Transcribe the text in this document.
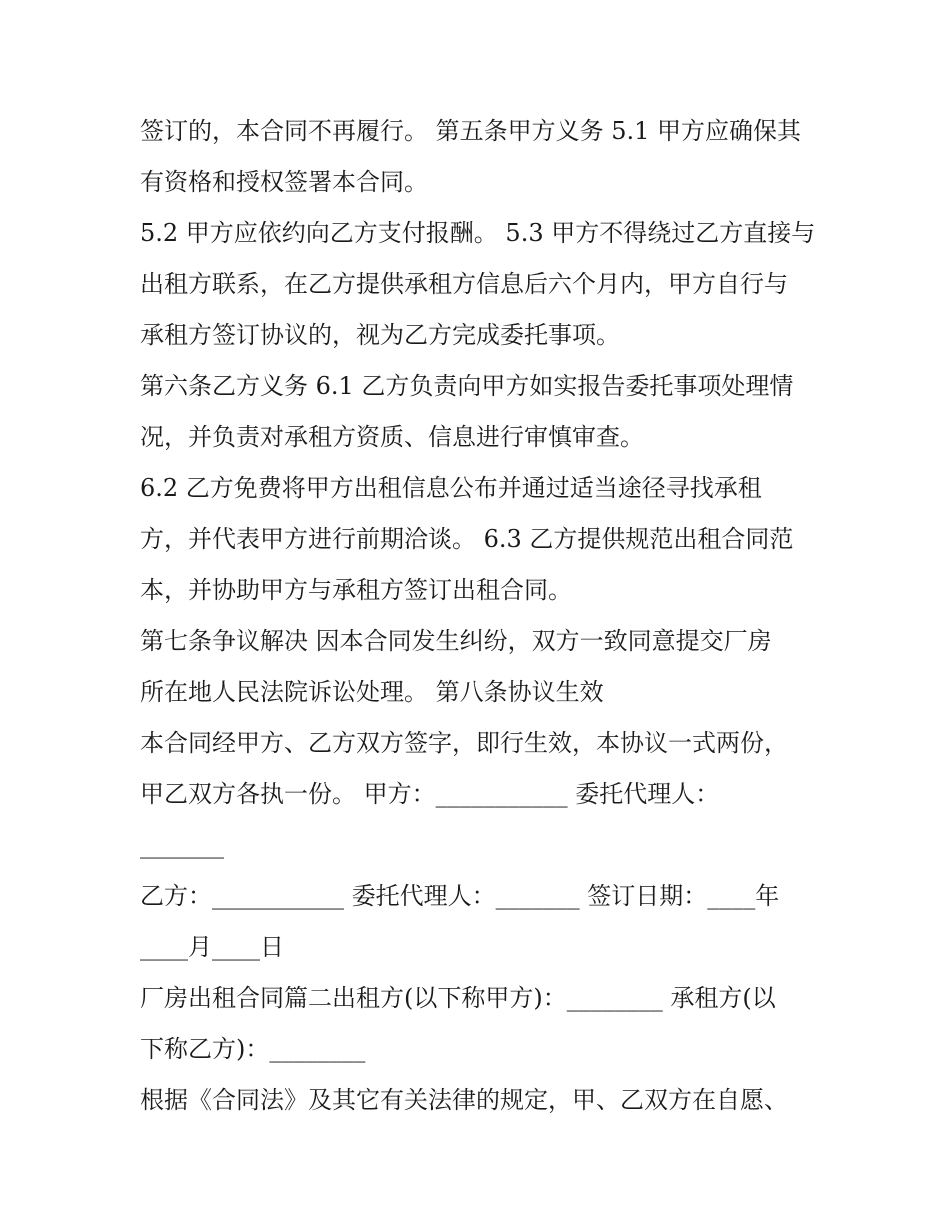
签订的，本合同不再履行。 第五条甲方义务 5.1 甲方应确保其
有资格和授权签署本合同。
5.2 甲方应依约向乙方支付报酬。 5.3 甲方不得绕过乙方直接与
出租方联系，在乙方提供承租方信息后六个月内，甲方自行与
承租方签订协议的，视为乙方完成委托事项。
第六条乙方义务 6.1 乙方负责向甲方如实报告委托事项处理情
况，并负责对承租方资质、信息进行审慎审查。
6.2 乙方免费将甲方出租信息公布并通过适当途径寻找承租
方，并代表甲方进行前期洽谈。 6.3 乙方提供规范出租合同范
本，并协助甲方与承租方签订出租合同。
第七条争议解决 因本合同发生纠纷，双方一致同意提交厂房
所在地人民法院诉讼处理。 第八条协议生效
本合同经甲方、乙方双方签字，即行生效，本协议一式两份，
甲乙双方各执一份。 甲方：___________ 委托代理人：
_______
乙方：___________ 委托代理人：_______ 签订日期：____年
____月____日
厂房出租合同篇二出租方(以下称甲方)：________ 承租方(以
下称乙方)：________
根据《合同法》及其它有关法律的规定，甲、乙双方在自愿、
